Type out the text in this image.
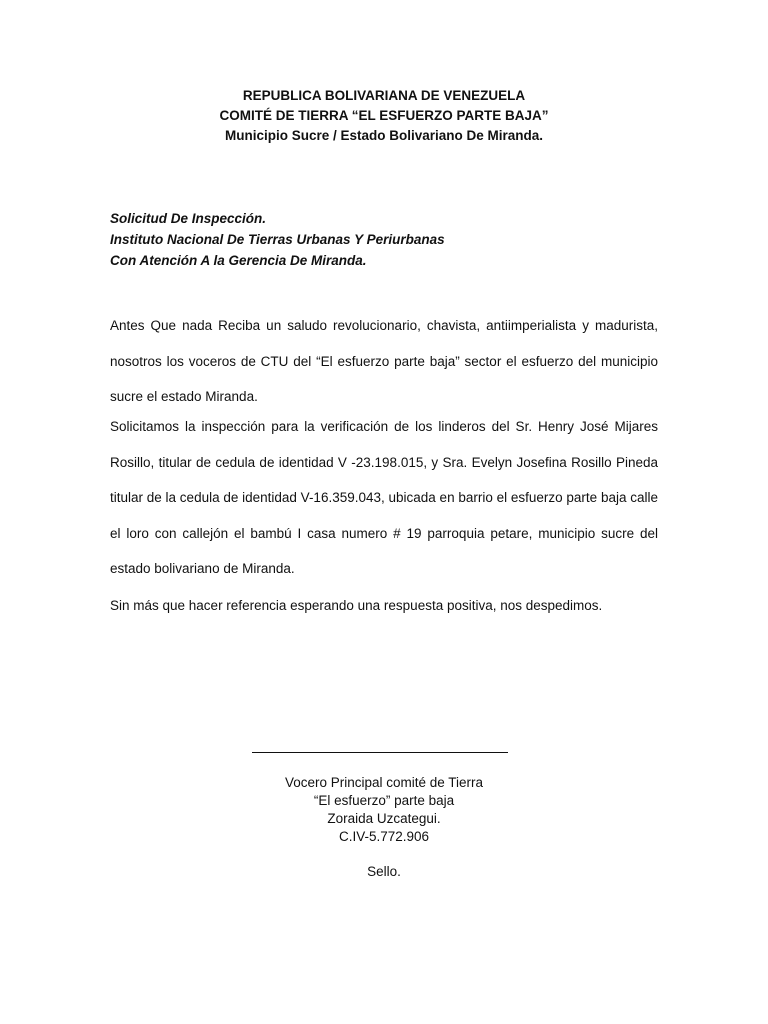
REPUBLICA BOLIVARIANA DE VENEZUELA
COMITÉ DE TIERRA “EL ESFUERZO PARTE BAJA”
Municipio Sucre / Estado Bolivariano De Miranda.
Solicitud De Inspección.
Instituto Nacional De Tierras Urbanas Y Periurbanas
Con Atención A la Gerencia De Miranda.
Antes Que nada Reciba un saludo revolucionario, chavista, antiimperialista y madurista, nosotros los voceros de CTU del “El esfuerzo parte baja” sector el esfuerzo del municipio sucre el estado Miranda.
Solicitamos la inspección para la verificación de los linderos del Sr. Henry José Mijares Rosillo, titular de cedula de identidad V -23.198.015, y Sra. Evelyn Josefina Rosillo Pineda titular de la cedula de identidad V-16.359.043, ubicada en barrio el esfuerzo parte baja calle el loro con callejón el bambú I casa numero # 19 parroquia petare, municipio sucre del estado bolivariano de Miranda.
Sin más que hacer referencia esperando una respuesta positiva, nos despedimos.
Vocero Principal comité de Tierra
“El esfuerzo” parte baja
Zoraida Uzcategui.
C.IV-5.772.906
Sello.
